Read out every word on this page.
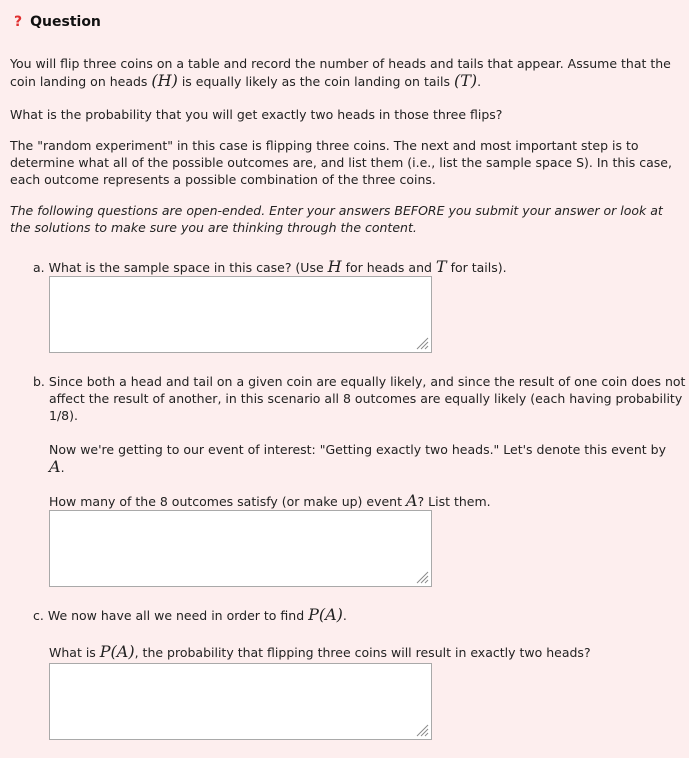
? Question

You will flip three coins on a table and record the number of heads and tails that appear. Assume that the coin landing on heads (H) is equally likely as the coin landing on tails (T).

What is the probability that you will get exactly two heads in those three flips?

The "random experiment" in this case is flipping three coins. The next and most important step is to determine what all of the possible outcomes are, and list them (i.e., list the sample space S). In this case, each outcome represents a possible combination of the three coins.

The following questions are open-ended. Enter your answers BEFORE you submit your answer or look at the solutions to make sure you are thinking through the content.

a. What is the sample space in this case? (Use H for heads and T for tails).

b. Since both a head and tail on a given coin are equally likely, and since the result of one coin does not affect the result of another, in this scenario all 8 outcomes are equally likely (each having probability 1/8).

Now we're getting to our event of interest: "Getting exactly two heads." Let's denote this event by A.

How many of the 8 outcomes satisfy (or make up) event A? List them.

c. We now have all we need in order to find P(A).

What is P(A), the probability that flipping three coins will result in exactly two heads?
